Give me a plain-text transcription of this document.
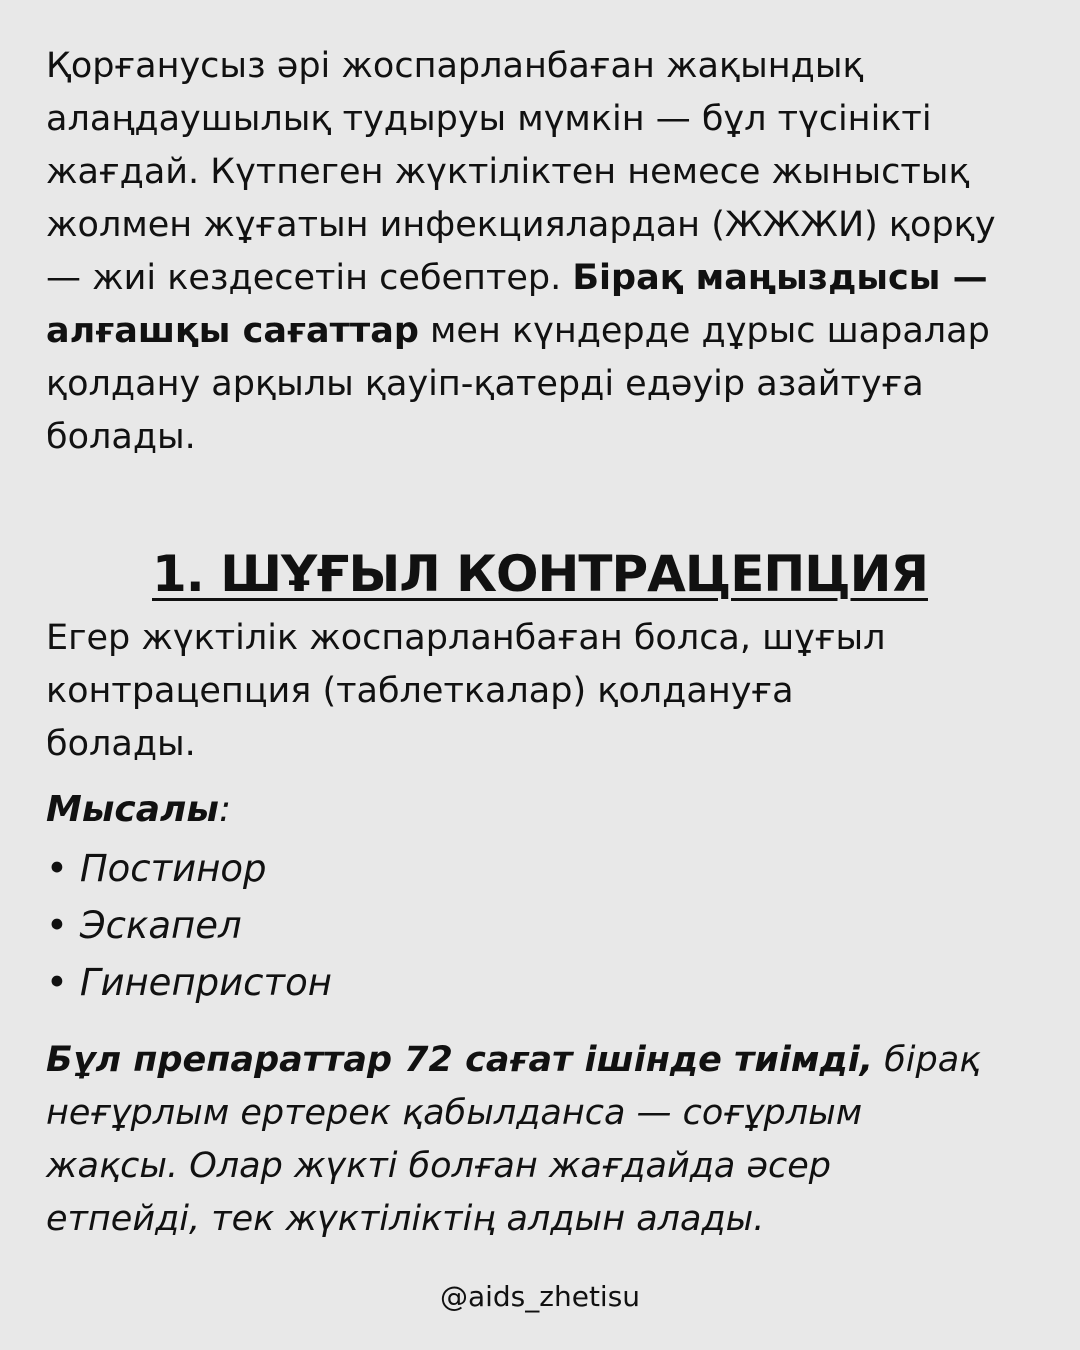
Қорғанусыз әрі жоспарланбаған жақындық
алаңдаушылық тудыруы мүмкін — бұл түсінікті
жағдай. Күтпеген жүктіліктен немесе жыныстық
жолмен жұғатын инфекциялардан (ЖЖЖИ) қорқу
— жиі кездесетін себептер. Бірақ маңыздысы —
алғашқы сағаттар мен күндерде дұрыс шаралар
қолдану арқылы қауіп-қатерді едәуір азайтуға
болады.

1. ШҰҒЫЛ КОНТРАЦЕПЦИЯ

Егер жүктілік жоспарланбаған болса, шұғыл
контрацепция (таблеткалар) қолдануға
болады.

Мысалы:

• Постинор
• Эскапел
• Гинепристон

Бұл препараттар 72 сағат ішінде тиімді, бірақ
неғұрлым ертерек қабылданса — соғұрлым
жақсы. Олар жүкті болған жағдайда әсер
етпейді, тек жүктіліктің алдын алады.

@aids_zhetisu
